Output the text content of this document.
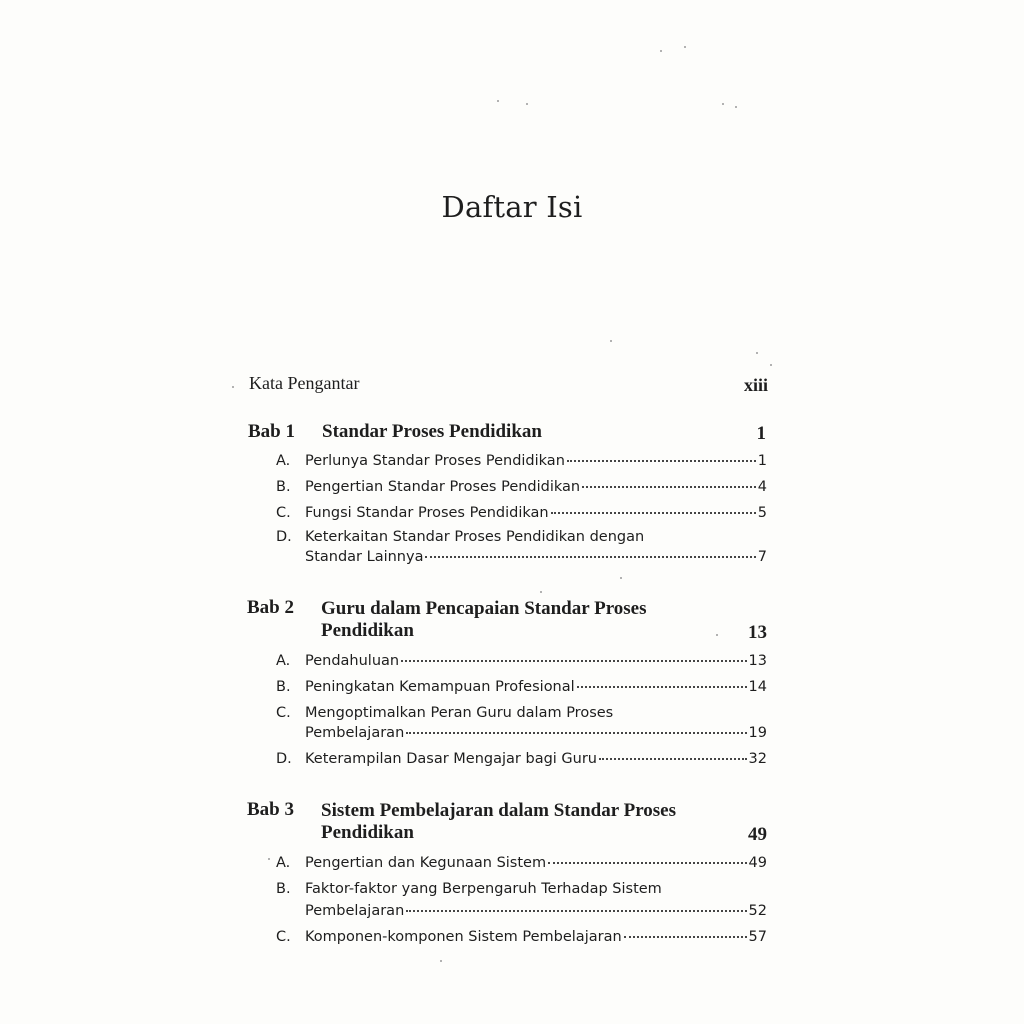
Daftar Isi
Kata Pengantar	xiii
Bab 1 Standar Proses Pendidikan	1
A. Perlunya Standar Proses Pendidikan	1
B. Pengertian Standar Proses Pendidikan	4
C. Fungsi Standar Proses Pendidikan	5
D. Keterkaitan Standar Proses Pendidikan dengan
Standar Lainnya	7
Bab 2 Guru dalam Pencapaian Standar Proses
Pendidikan	13
A. Pendahuluan	13
B. Peningkatan Kemampuan Profesional	14
C. Mengoptimalkan Peran Guru dalam Proses
Pembelajaran	19
D. Keterampilan Dasar Mengajar bagi Guru	32
Bab 3 Sistem Pembelajaran dalam Standar Proses
Pendidikan	49
A. Pengertian dan Kegunaan Sistem	49
B. Faktor-faktor yang Berpengaruh Terhadap Sistem
Pembelajaran	52
C. Komponen-komponen Sistem Pembelajaran	57
